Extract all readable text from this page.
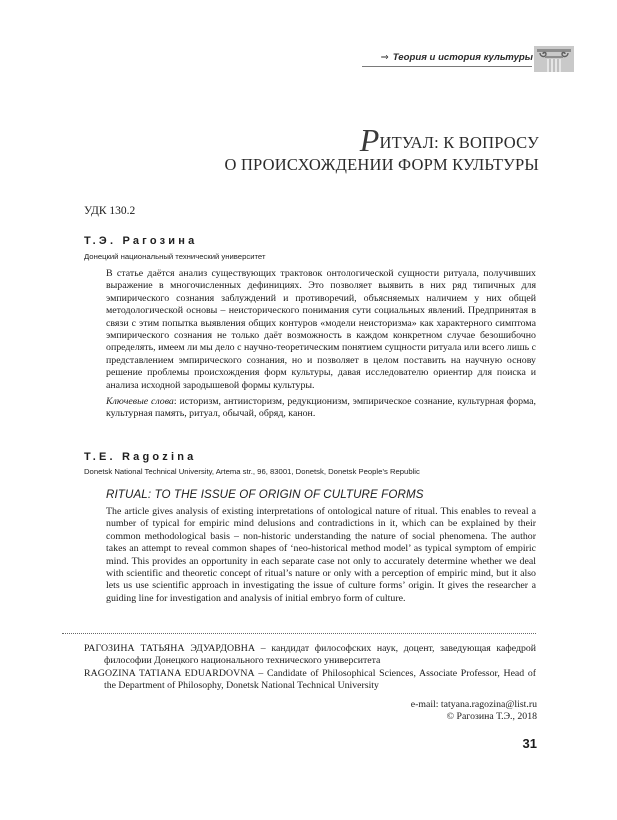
⇒ Теория и история культуры
РИТУАЛ: К ВОПРОСУ
О ПРОИСХОЖДЕНИИ ФОРМ КУЛЬТУРЫ
УДК 130.2
Т.Э. Рагозина
Донецкий национальный технический университет

В статье даётся анализ существующих трактовок онтологической сущности ритуала, получивших выражение в многочисленных дефинициях. Это позволяет выявить в них ряд типичных для эмпирического сознания заблуждений и противоречий, объясняемых наличием у них общей методологической основы – неисторического понимания сути социальных явлений. Предпринятая в связи с этим попытка выявления общих контуров «модели неисторизма» как характерного симптома эмпирического сознания не только даёт возможность в каждом конкретном случае безошибочно определять, имеем ли мы дело с научно-теоретическим понятием сущности ритуала или всего лишь с представлением эмпирического сознания, но и позволяет в целом поставить на научную основу решение проблемы происхождения форм культуры, давая исследователю ориентир для поиска и анализа исходной зародышевой формы культуры.

Ключевые слова: историзм, антиисторизм, редукционизм, эмпирическое сознание, культурная форма, культурная память, ритуал, обычай, обряд, канон.

T.E. Ragozina
Donetsk National Technical University, Artema str., 96, 83001, Donetsk, Donetsk People’s Republic
RITUAL: TO THE ISSUE OF ORIGIN OF CULTURE FORMS

The article gives analysis of existing interpretations of ontological nature of ritual. This enables to reveal a number of typical for empiric mind delusions and contradictions in it, which can be explained by their common methodological basis – non-historic understanding the nature of social phenomena. The author takes an attempt to reveal common shapes of ‘neo-historical method model’ as typical symptom of empiric mind. This provides an opportunity in each separate case not only to accurately determine whether we deal with scientific and theoretic concept of ritual’s nature or only with a perception of empiric mind, but it also lets us use scientific approach in investigating the issue of culture forms’ origin. It gives the researcher a guiding line for investigation and analysis of initial embryo form of culture.

РАГОЗИНА ТАТЬЯНА ЭДУАРДОВНА – кандидат философских наук, доцент, заведующая кафедрой философии Донецкого национального технического университета

RAGOZINA TATIANA EDUARDOVNA – Candidate of Philosophical Sciences, Associate Professor, Head of the Department of Philosophy, Donetsk National Technical University

e-mail: tatyana.ragozina@list.ru
© Рагозина Т.Э., 2018
31
